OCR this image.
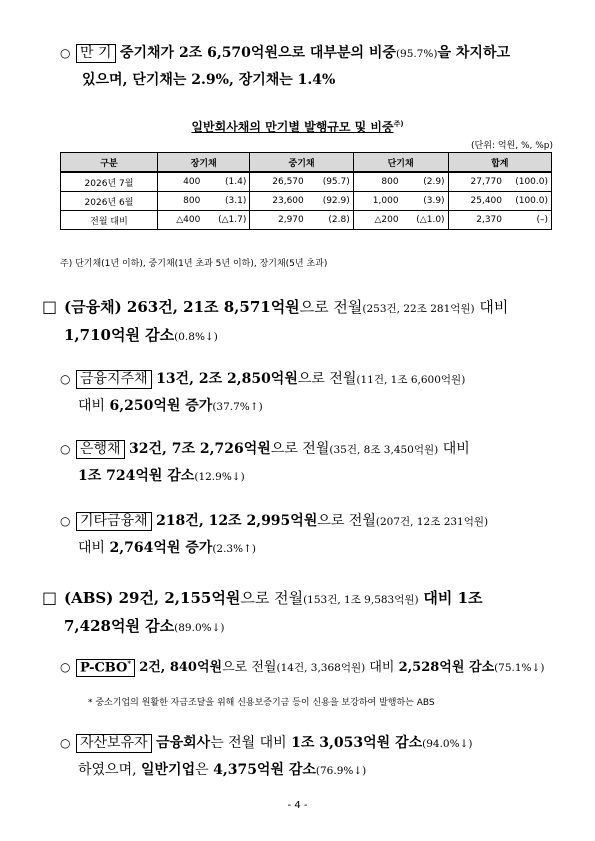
○ 만 기 중기채가 2조 6,570억원으로 대부분의 비중(95.7%)을 차지하고
있으며, 단기채는 2.9%, 장기채는 1.4%
일반회사채의 만기별 발행규모 및 비중$^{주)}$
(단위: 억원, %, %p)
구분	장기채		중기채		단기채		합계	
2026년 7월	400	(1.4)	26,570	(95.7)	800	(2.9)	27,770	(100.0)
2026년 6월	800	(3.1)	23,600	(92.9)	1,000	(3.9)	25,400	(100.0)
전월 대비	△400	(△1.7)	2,970	(2.8)	△200	(△1.0)	2,370	(–)
주) 단기채(1년 이하), 중기채(1년 초과 5년 이하), 장기채(5년 초과)
□ (금융채) 263건, 21조 8,571억원으로 전월(253건, 22조 281억원) 대비
1,710억원 감소(0.8%↓)
○ 금융지주채 13건, 2조 2,850억원으로 전월(11건, 1조 6,600억원)
대비 6,250억원 증가(37.7%↑)
○ 은행채 32건, 7조 2,726억원으로 전월(35건, 8조 3,450억원) 대비
1조 724억원 감소(12.9%↓)
○ 기타금융채 218건, 12조 2,995억원으로 전월(207건, 12조 231억원)
대비 2,764억원 증가(2.3%↑)
□ (ABS) 29건, 2,155억원으로 전월(153건, 1조 9,583억원) 대비 1조
7,428억원 감소(89.0%↓)
○ P-CBO* 2건, 840억원으로 전월(14건, 3,368억원) 대비 2,528억원 감소(75.1%↓)
* 중소기업의 원활한 자금조달을 위해 신용보증기금 등이 신용을 보강하여 발행하는 ABS
○ 자산보유자 금융회사는 전월 대비 1조 3,053억원 감소(94.0%↓)
하였으며, 일반기업은 4,375억원 감소(76.9%↓)
- 4 -
